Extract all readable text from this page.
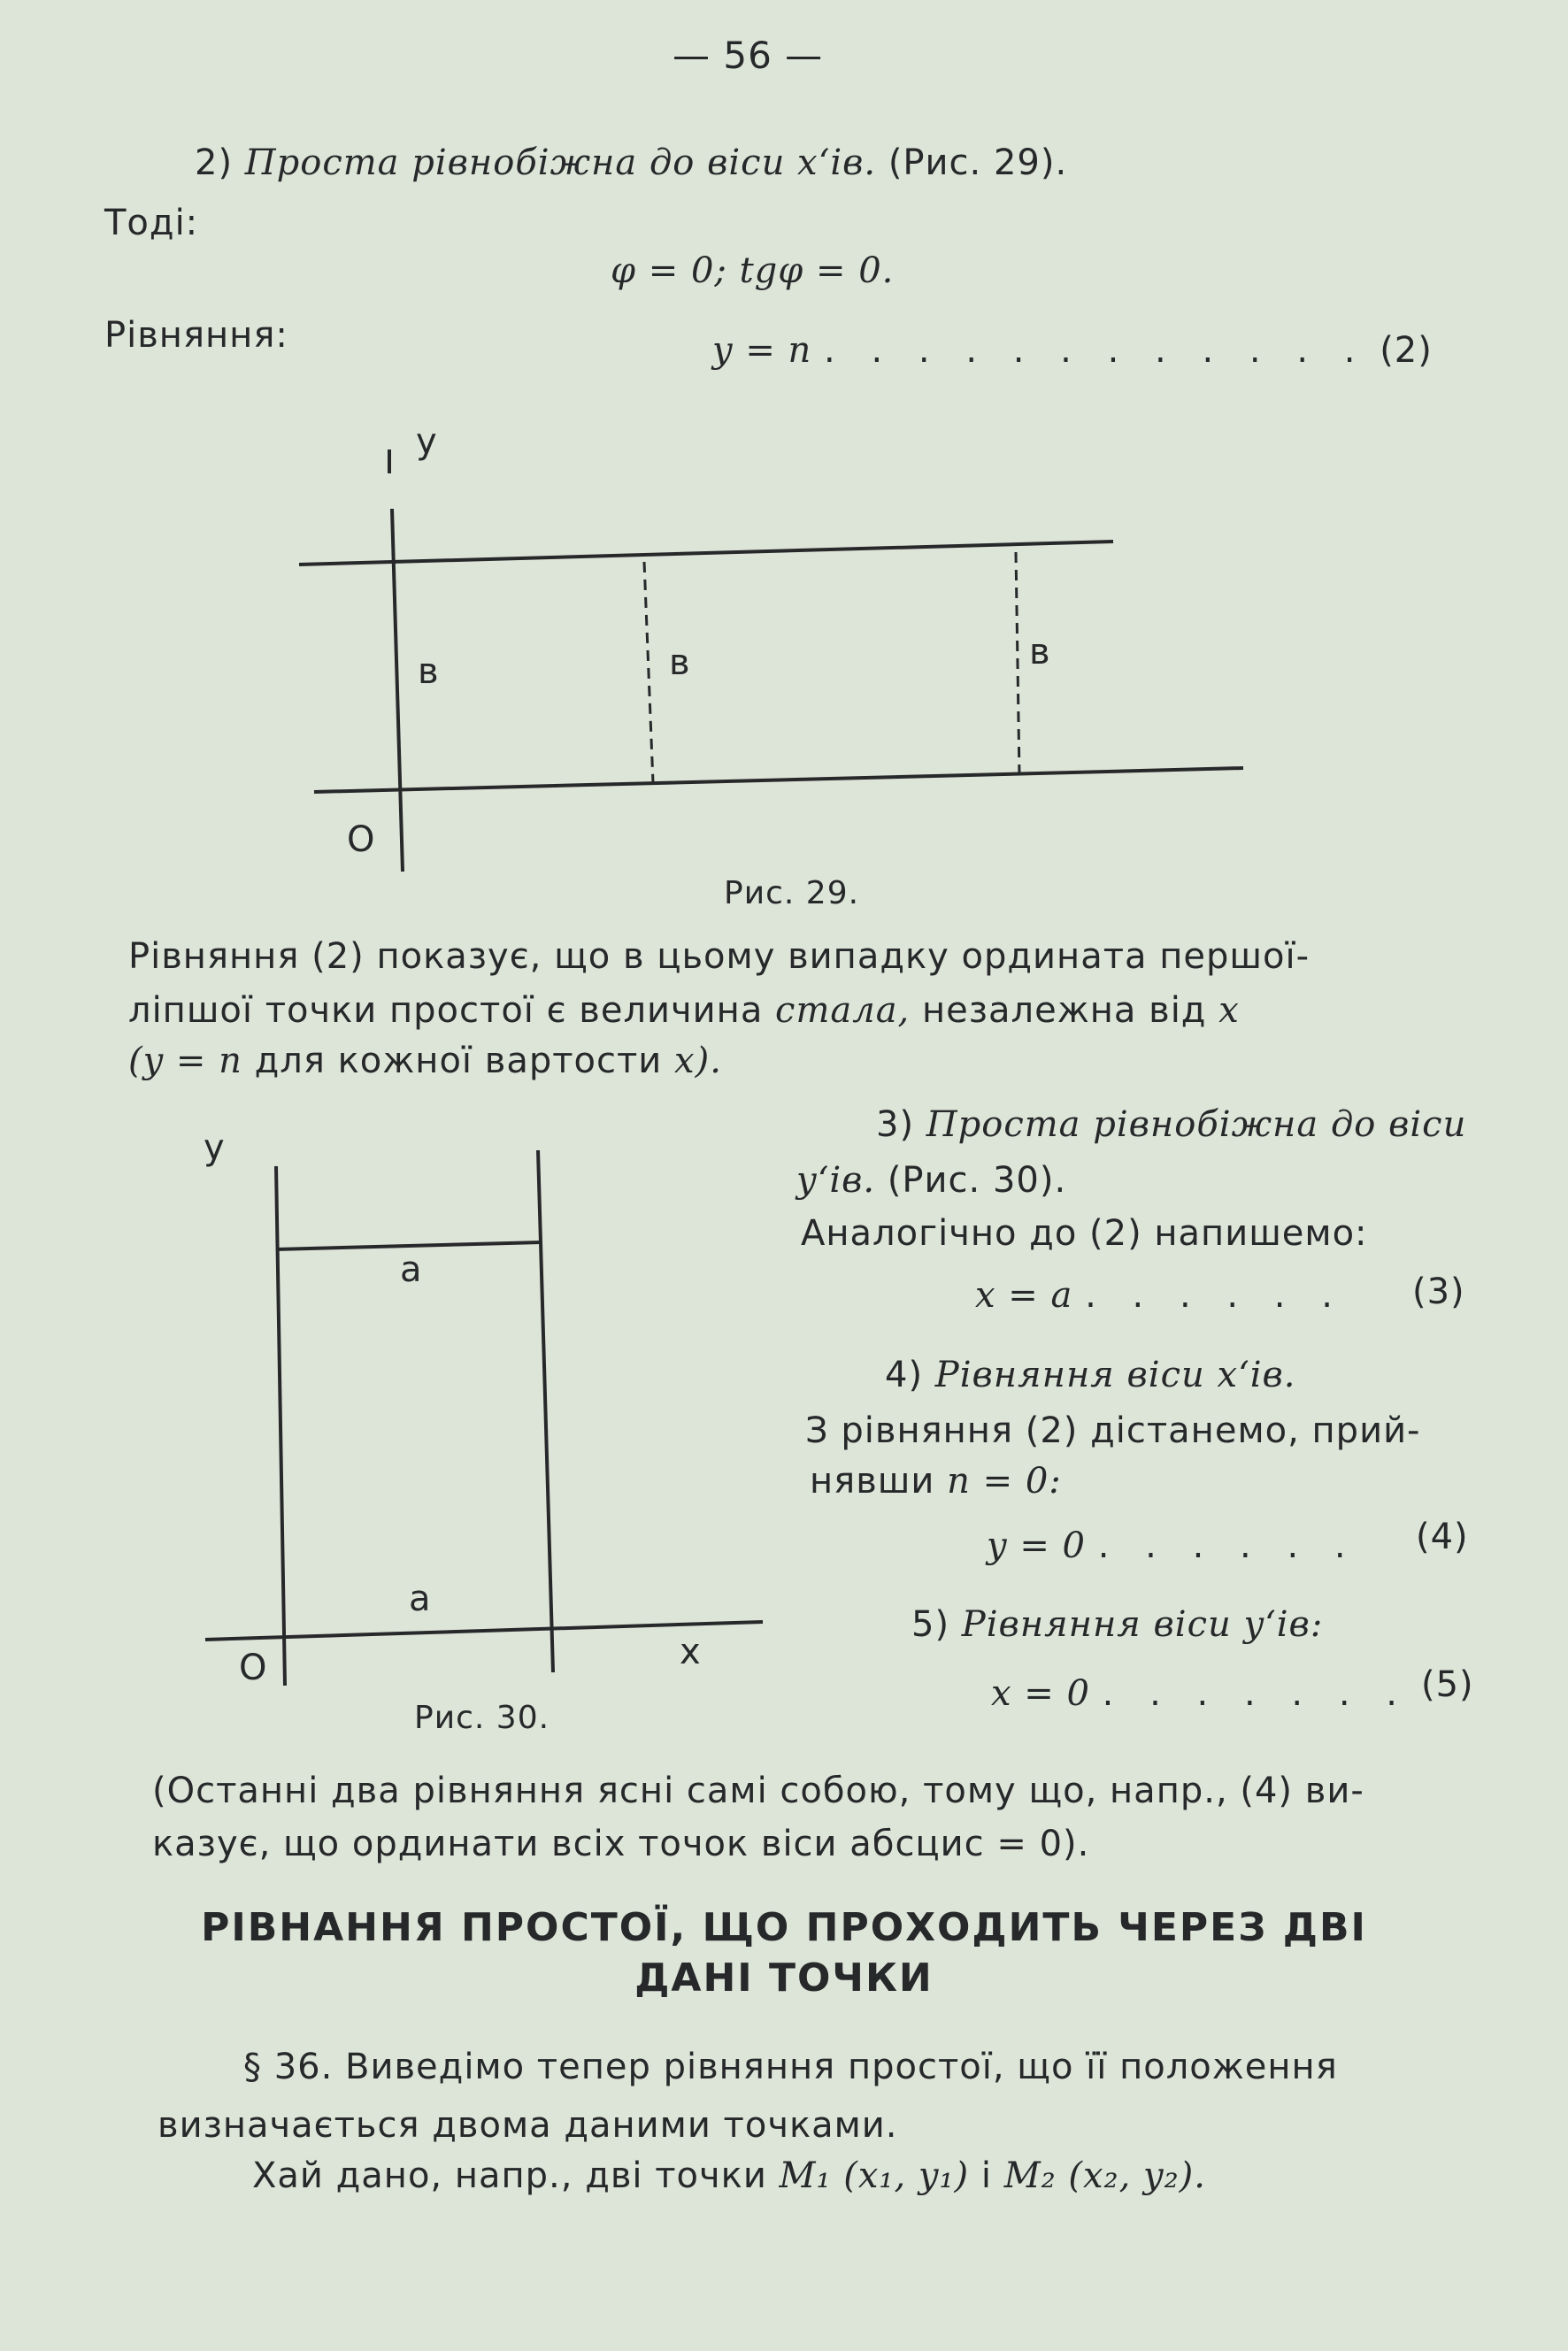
— 56 —
2) Проста рівнобіжна до віси x‘ів. (Рис. 29).
Тоді:
φ = 0; tgφ = 0.
Рівняння:	y = n . . . . . . . . . . . . (2)
y
O
в	в	в
Рис. 29.
Рівняння (2) показує, що в цьому випадку ордината першої-
ліпшої точки простої є величина стала, незалежна від x
(y = n для кожної вартости x).
y
a
a
O	x
Рис. 30.
3) Проста рівнобіжна до віси
y‘ів. (Рис. 30).
Аналогічно до (2) напишемо:
x = a . . . . . . (3)
4) Рівняння віси x‘ів.
З рівняння (2) дістанемо, прий-
нявши n = 0:
y = 0 . . . . . . (4)
5) Рівняння віси y‘ів:
x = 0 . . . . . . . (5)
(Останні два рівняння ясні самі собою, тому що, напр., (4) ви-
казує, що ординати всіх точок віси абсцис = 0).
РІВНАННЯ ПРОСТОЇ, ЩО ПРОХОДИТЬ ЧЕРЕЗ ДВІ
ДАНІ ТОЧКИ
§ 36. Виведімо тепер рівняння простої, що її положення
визначається двома даними точками.
Хай дано, напр., дві точки M₁ (x₁, y₁) і M₂ (x₂, y₂).
